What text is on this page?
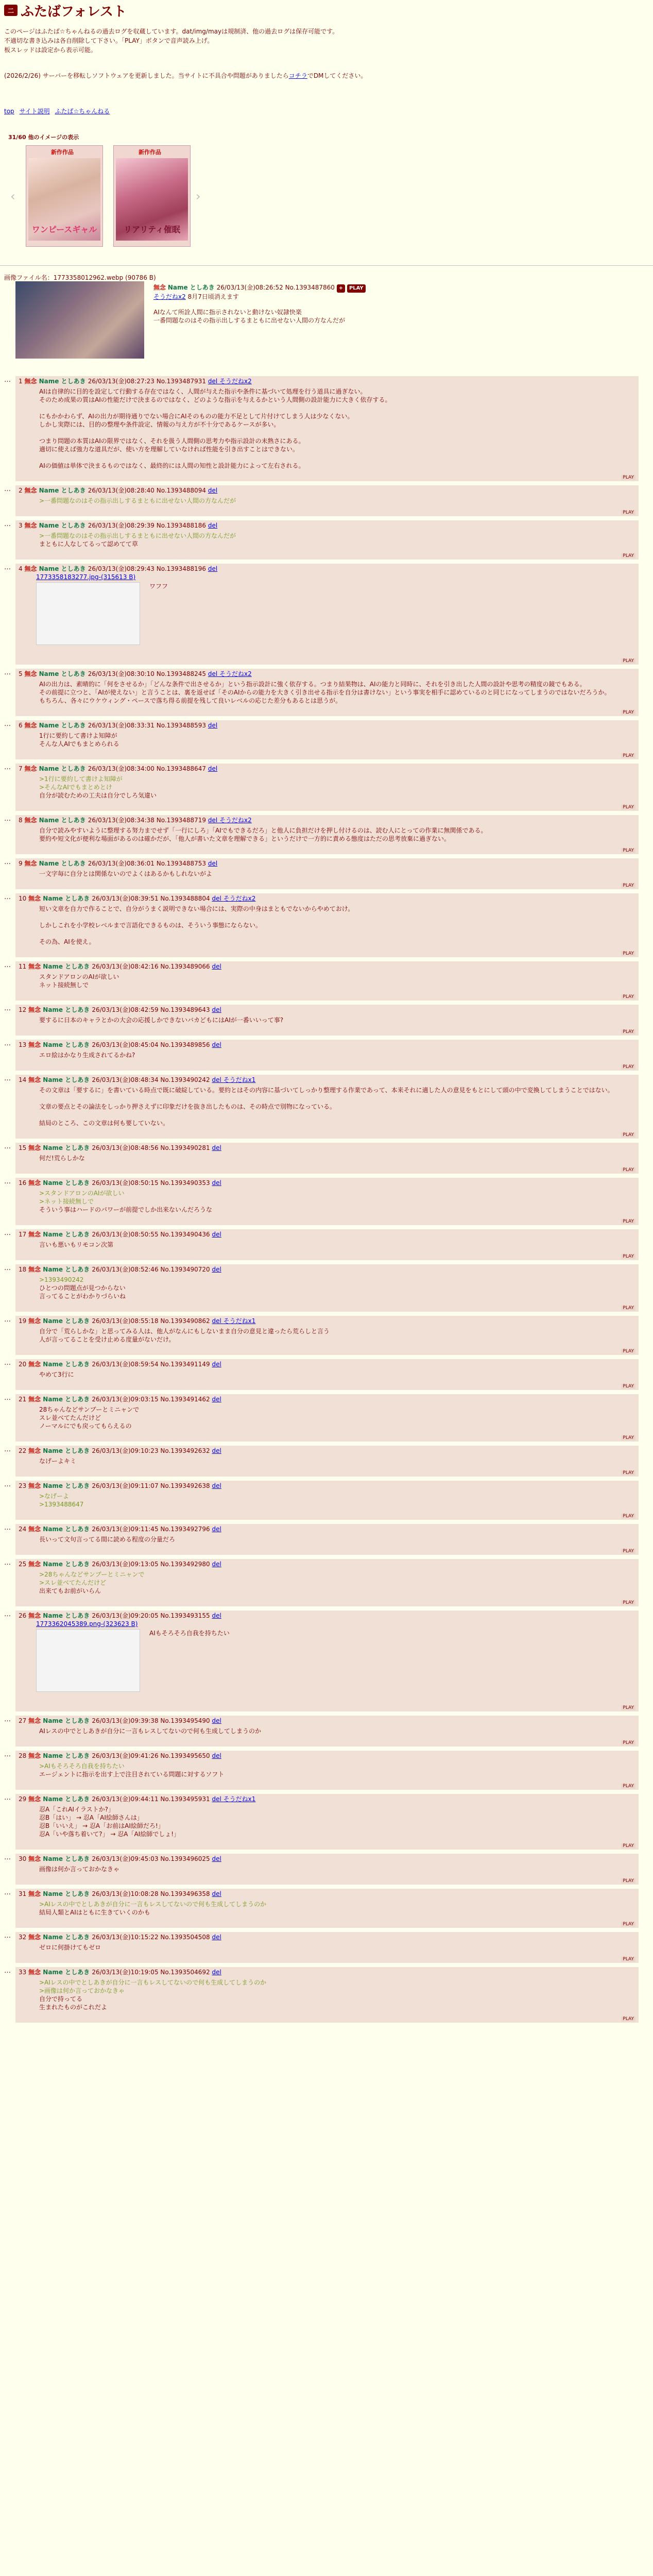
二 ふたばフォレスト
このページはふたば☆ちゃんねるの過去ログを収蔵しています。dat/img/mayは規制済、他の過去ログは保存可能です。
不適切な書き込みは各自削除して下さい。「PLAY」ボタンで音声読み上げ。
板スレッドは設定から表示可能。
(2026/2/26) サーバーを移転しソフトウェアを更新しました。当サイトに不具合や問題がありましたらコチラでDMしてください。
top サイト説明 ふたば☆ちゃんねる
31/60 他のイメージの表示
‹
新作作品
ワンピースギャル
新作作品
リアリティ催眠
›
画像ファイル名：1773358012962.webp (90786 B)
無念 Name としあき 26/03/13(金)08:26:52 No.1393487860 + PLAY
そうだねx2 8月7日頃消えます
AIなんて所詮人間に指示されないと動けない奴隷快楽
一番問題なのはその指示出しするまともに出せない人間の方なんだが
… 1 無念 Name としあき 26/03/13(金)08:27:23 No.1393487931 del そうだねx2
AIは自律的に目的を設定して行動する存在ではなく、人間が与えた指示や条件に基づいて処理を行う道具に過ぎない。
そのため成果の質はAIの性能だけで決まるのではなく、どのような指示を与えるかという人間側の設計能力に大きく依存する。

にもかかわらず、AIの出力が期待通りでない場合にAIそのものの能力不足として片付けてしまう人は少なくない。
しかし実際には、目的の整理や条件設定、情報の与え方が不十分であるケースが多い。

つまり問題の本質はAIの限界ではなく、それを扱う人間側の思考力や指示設計の未熟さにある。
適切に使えば強力な道具だが、使い方を理解していなければ性能を引き出すことはできない。

AIの価値は単体で決まるものではなく、最終的には人間の知性と設計能力によって左右される。
PLAY
… 2 無念 Name としあき 26/03/13(金)08:28:40 No.1393488094 del
>一番問題なのはその指示出しするまともに出せない人間の方なんだが
PLAY
… 3 無念 Name としあき 26/03/13(金)08:29:39 No.1393488186 del
>一番問題なのはその指示出しするまともに出せない人間の方なんだが
まともに人なしてるって認めてて草
PLAY
… 4 無念 Name としあき 26/03/13(金)08:29:43 No.1393488196 del
1773358183277.jpg-(315613 B)
ワフフ
PLAY
… 5 無念 Name としあき 26/03/13(金)08:30:10 No.1393488245 del そうだねx2
AIの出力は、素晴的に「何をさせるか」「どんな条件で出させるか」という指示設計に強く依存する。つまり結果物は、AIの能力と同時に、それを引き出した人間の設計や思考の精度の鏡でもある。
その前提に立つと、「AIが使えない」と言うことは、裏を返せば「そのAIからの能力を大きく引き出せる指示を自分は書けない」という事実を相手に認めているのと同じになってしまうのではないだろうか。
もちろん、各々にウケウィング・ペースで落ち得る前提を残して良いレベルの応じた差分もあるとは思うが。
PLAY
… 6 無念 Name としあき 26/03/13(金)08:33:31 No.1393488593 del
1行に要約して書けよ知障が
そんな人AIでもまとめられる
PLAY
… 7 無念 Name としあき 26/03/13(金)08:34:00 No.1393488647 del
>1行に要約して書けよ知障が
>そんなAIでもまとめとけ
自分が読むための工夫は自分でしろ気違い
PLAY
… 8 無念 Name としあき 26/03/13(金)08:34:38 No.1393488719 del そうだねx2
自分で読みやすいように整理する努力までせず「一行にしろ」「AIでもできるだろ」と他人に負担だけを押し付けるのは、読む人にとっての作業に無関係である。
要約や短文化が便利な場面があるのは確かだが、「他人が書いた文章を理解できる」というだけで一方的に責める態度はただの思考放棄に過ぎない。
PLAY
… 9 無念 Name としあき 26/03/13(金)08:36:01 No.1393488753 del
一文字毎に自分とは関係ないのでよくはあるかもしれないがよ
PLAY
… 10 無念 Name としあき 26/03/13(金)08:39:51 No.1393488804 del そうだねx2
短い文章を自力で作ることで、自分がうまく説明できない場合には、実際の中身はまともでないからやめておけ。

しかしこれを小学校レベルまで言語化できるものは、そういう事態にならない。

その為、AIを使え。
PLAY
… 11 無念 Name としあき 26/03/13(金)08:42:16 No.1393489066 del
スタンドアロンのAIが欲しい
ネット接続無しで
PLAY
… 12 無念 Name としあき 26/03/13(金)08:42:59 No.1393489643 del
要するに日本のキャラとかの大会の応援しかできないバカどもにはAIが一番いいって事?
PLAY
… 13 無念 Name としあき 26/03/13(金)08:45:04 No.1393489856 del
エロ絵はかなり生成されてるかね?
PLAY
… 14 無念 Name としあき 26/03/13(金)08:48:34 No.1393490242 del そうだねx1
その文章は「要するに」を書いている時点で既に破綻している。要約とはその内容に基づいてしっかり整理する作業であって、本来それに適した人の意見をもとにして頭の中で変換してしまうことではない。

文章の要点とその論法をしっかり押さえずに印象だけを抜き出したものは、その時点で別物になっている。

結局のところ、この文章は何も要していない。
PLAY
… 15 無念 Name としあき 26/03/13(金)08:48:56 No.1393490281 del
何だ!荒らしかな
PLAY
… 16 無念 Name としあき 26/03/13(金)08:50:15 No.1393490353 del
>スタンドアロンのAIが欲しい
>ネット接続無しで
そういう事はハードのパワーが前提でしか出来ないんだろうな
PLAY
… 17 無念 Name としあき 26/03/13(金)08:50:55 No.1393490436 del
言いも悪いもリモコン次第
PLAY
… 18 無念 Name としあき 26/03/13(金)08:52:46 No.1393490720 del
>1393490242
ひとつの問題点が見つからない
言ってることがわかりづらいね
PLAY
… 19 無念 Name としあき 26/03/13(金)08:55:18 No.1393490862 del そうだねx1
自分で「荒らしかな」と思ってみる人は、他人がなんにもしないまま自分の意見と違ったら荒らしと言う
人が言ってることを受け止める度量がないだけ。
PLAY
… 20 無念 Name としあき 26/03/13(金)08:59:54 No.1393491149 del
やめて3行に
PLAY
… 21 無念 Name としあき 26/03/13(金)09:03:15 No.1393491462 del
28ちゃんなどサンブーとミニャンで
スレ並べてたんだけど
ノーマルにでも戻ってもらえるの
PLAY
… 22 無念 Name としあき 26/03/13(金)09:10:23 No.1393492632 del
なげーよキミ
PLAY
… 23 無念 Name としあき 26/03/13(金)09:11:07 No.1393492638 del
>なげーよ
>1393488647
PLAY
… 24 無念 Name としあき 26/03/13(金)09:11:45 No.1393492796 del
長いって文句言ってる間に読める程度の分量だろ
PLAY
… 25 無念 Name としあき 26/03/13(金)09:13:05 No.1393492980 del
>28ちゃんなどサンブーとミニャンで
>スレ並べてたんだけど
出来てもお前がいらん
PLAY
… 26 無念 Name としあき 26/03/13(金)09:20:05 No.1393493155 del
1773362045389.png-(323623 B)
AIもそろそろ自我を持ちたい
PLAY
… 27 無念 Name としあき 26/03/13(金)09:39:38 No.1393495490 del
AIレスの中でとしあきが自分に一言もレスしてないので何も生成してしまうのか
PLAY
… 28 無念 Name としあき 26/03/13(金)09:41:26 No.1393495650 del
>AIもそろそろ自我を持ちたい
エージェントに指示を出す上で注目されている問題に対するソフト
PLAY
… 29 無念 Name としあき 26/03/13(金)09:44:11 No.1393495931 del そうだねx1
忍A「これAIイラストか?」
忍B「はい」 → 忍A「AI絵師さんは」
忍B「いいえ」 → 忍A「お前はAI絵師だろ!」
忍A「いや落ち着いて?」 → 忍A「AI絵師でしょ!」
PLAY
… 30 無念 Name としあき 26/03/13(金)09:45:03 No.1393496025 del
画像は何か言っておかなきゃ
PLAY
… 31 無念 Name としあき 26/03/13(金)10:08:28 No.1393496358 del
>AIレスの中でとしあきが自分に一言もレスしてないので何も生成してしまうのか
結局人類とAIはともに生きていくのかも
PLAY
… 32 無念 Name としあき 26/03/13(金)10:15:22 No.1393504508 del
ゼロに何掛けてもゼロ
PLAY
… 33 無念 Name としあき 26/03/13(金)10:19:05 No.1393504692 del
>AIレスの中でとしあきが自分に一言もレスしてないので何も生成してしまうのか
>画像は何か言っておかなきゃ
自分で持ってる
生まれたものがこれだよ
PLAY
